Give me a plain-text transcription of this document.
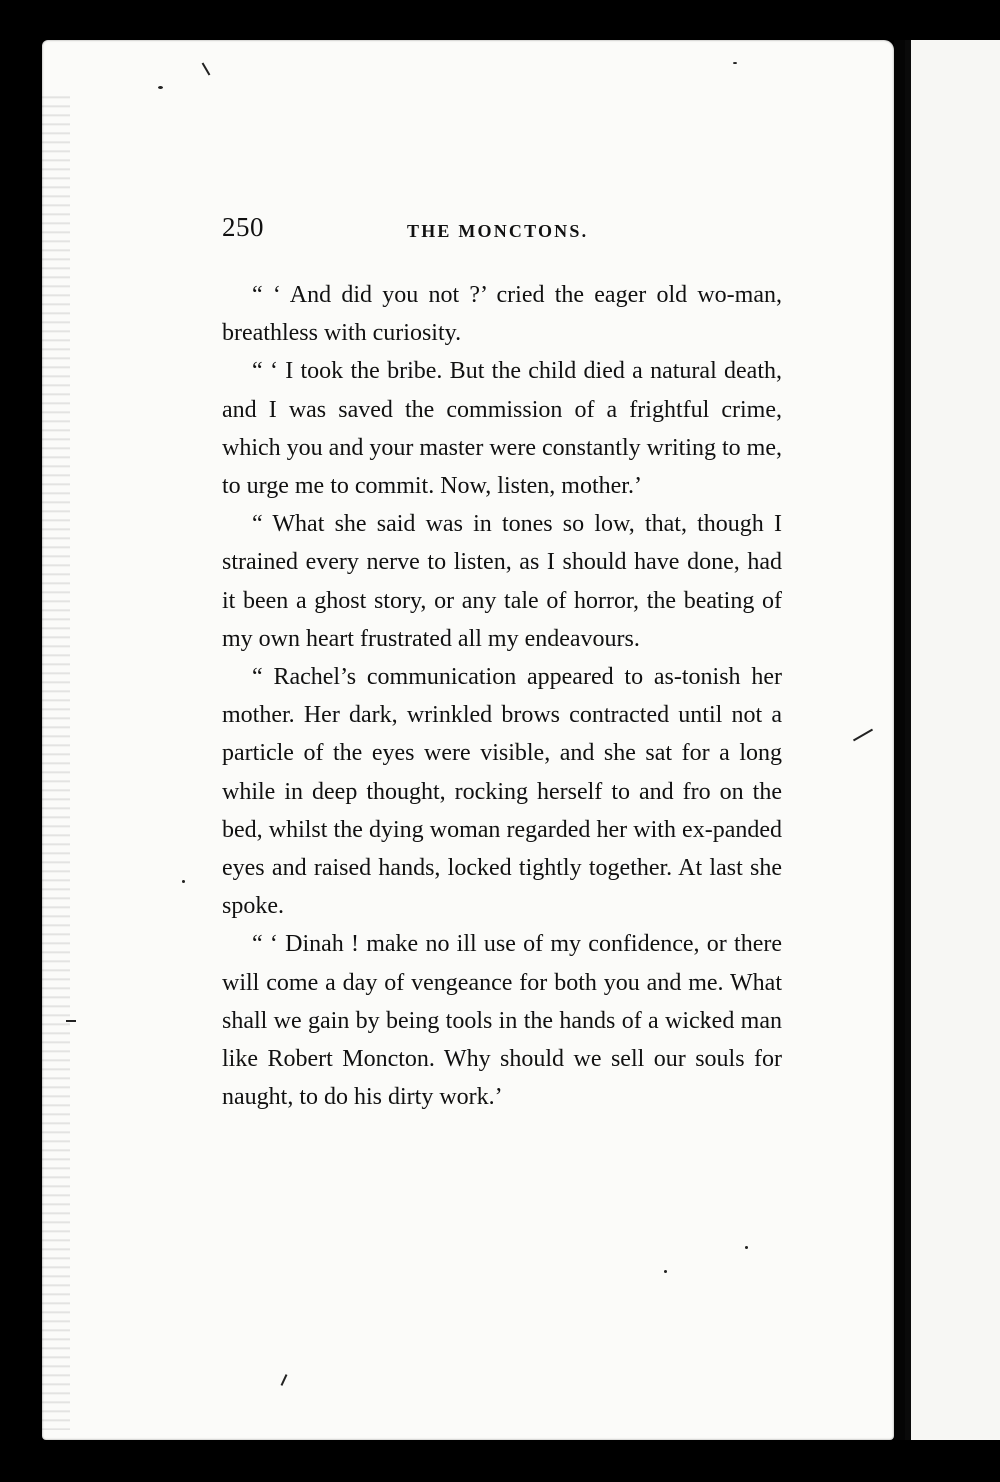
250	THE MONCTONS.

“ ‘ And did you not ?’ cried the eager old wo-man, breathless with curiosity.

“ ‘ I took the bribe. But the child died a natural death, and I was saved the commission of a frightful crime, which you and your master were constantly writing to me, to urge me to commit. Now, listen, mother.’

“ What she said was in tones so low, that, though I strained every nerve to listen, as I should have done, had it been a ghost story, or any tale of horror, the beating of my own heart frustrated all my endeavours.

“ Rachel’s communication appeared to as-tonish her mother. Her dark, wrinkled brows contracted until not a particle of the eyes were visible, and she sat for a long while in deep thought, rocking herself to and fro on the bed, whilst the dying woman regarded her with ex-panded eyes and raised hands, locked tightly together. At last she spoke.

“ ‘ Dinah ! make no ill use of my confidence, or there will come a day of vengeance for both you and me. What shall we gain by being tools in the hands of a wicked man like Robert Moncton. Why should we sell our souls for naught, to do his dirty work.’
